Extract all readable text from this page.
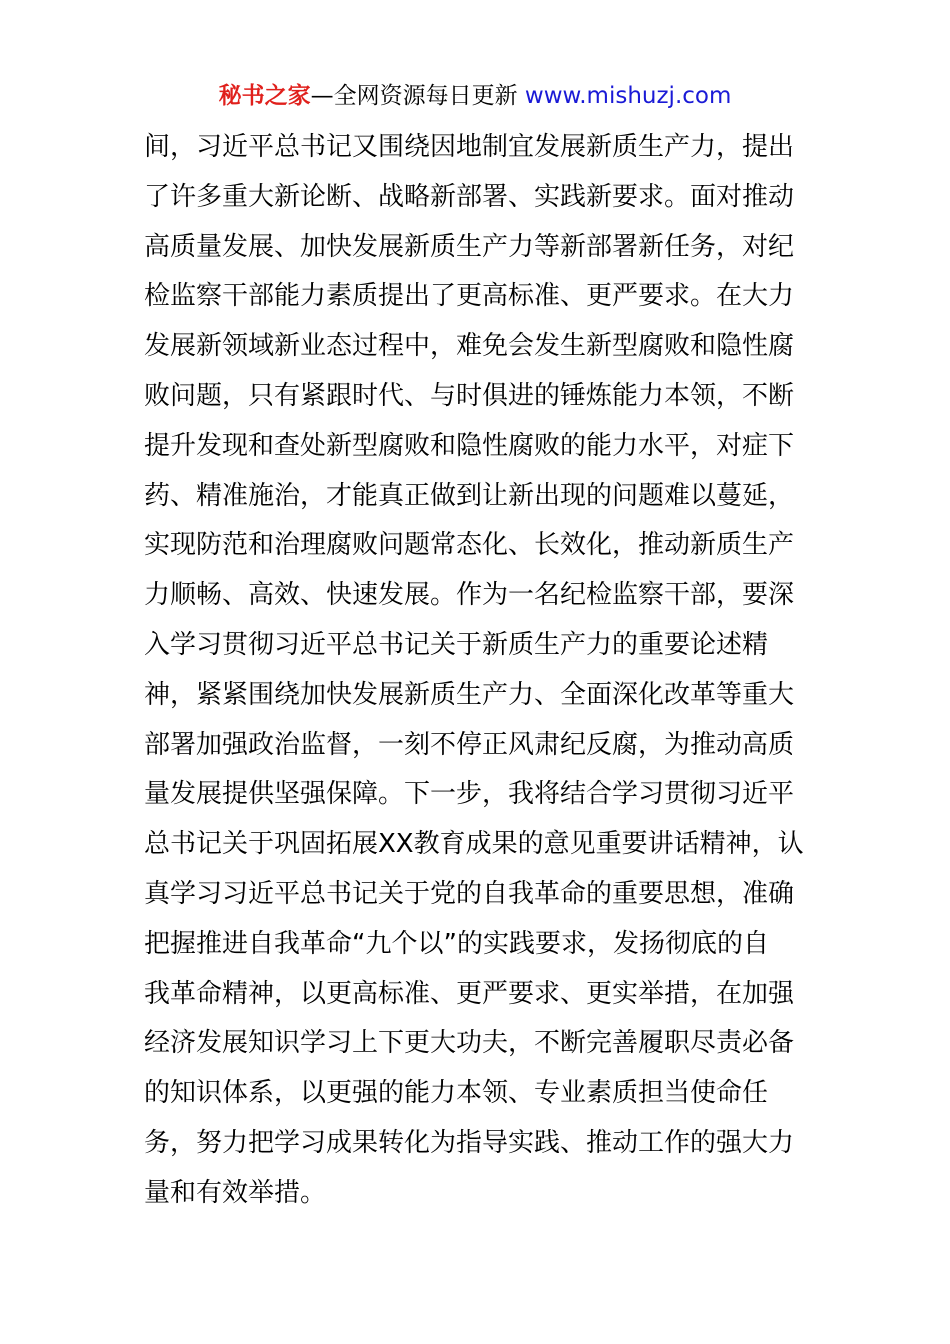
秘书之家—全网资源每日更新 www.mishuzj.com
间，习近平总书记又围绕因地制宜发展新质生产力，提出
了许多重大新论断、战略新部署、实践新要求。面对推动
高质量发展、加快发展新质生产力等新部署新任务，对纪
检监察干部能力素质提出了更高标准、更严要求。在大力
发展新领域新业态过程中，难免会发生新型腐败和隐性腐
败问题，只有紧跟时代、与时俱进的锤炼能力本领，不断
提升发现和查处新型腐败和隐性腐败的能力水平，对症下
药、精准施治，才能真正做到让新出现的问题难以蔓延，
实现防范和治理腐败问题常态化、长效化，推动新质生产
力顺畅、高效、快速发展。作为一名纪检监察干部，要深
入学习贯彻习近平总书记关于新质生产力的重要论述精
神，紧紧围绕加快发展新质生产力、全面深化改革等重大
部署加强政治监督，一刻不停正风肃纪反腐，为推动高质
量发展提供坚强保障。下一步，我将结合学习贯彻习近平
总书记关于巩固拓展XX教育成果的意见重要讲话精神，认
真学习习近平总书记关于党的自我革命的重要思想，准确
把握推进自我革命“九个以”的实践要求，发扬彻底的自
我革命精神，以更高标准、更严要求、更实举措，在加强
经济发展知识学习上下更大功夫，不断完善履职尽责必备
的知识体系，以更强的能力本领、专业素质担当使命任
务，努力把学习成果转化为指导实践、推动工作的强大力
量和有效举措。
